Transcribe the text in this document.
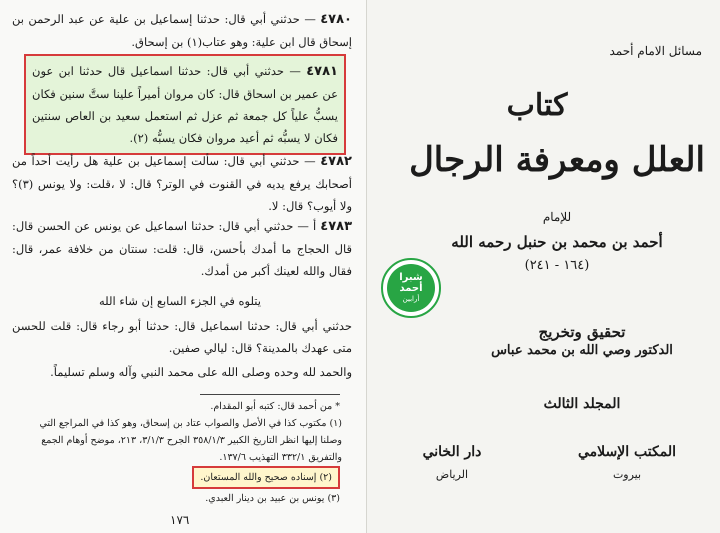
٤٧٨٠ — حدثني أبي قال: حدثنا إسماعيل بن علية عن عبد الرحمن بن إسحاق قال ابن علية: وهو عتاب(١) بن إسحاق.
٤٧٨١ — حدثني أبي قال: حدثنا اسماعيل قال حدثنا ابن عون عن عمير بن اسحاق قال: كان مروان أميراً علينا ستَّ سنين فكان يسبُّ علياً كل جمعة ثم عزل ثم استعمل سعيد بن العاص سنتين فكان لا يسبُّه ثم أعيد مروان فكان يسبُّه (٢).
٤٧٨٢ — حدثني أبي قال: سألت إسماعيل بن علية هل رأيت أحداً من أصحابك يرفع يديه في القنوت في الوتر؟ قال: لا ،قلت: ولا يونس (٣)؟ ولا أيوب؟ قال: لا.
٤٧٨٣ أ — حدثني أبي قال: حدثنا اسماعيل عن يونس عن الحسن قال: قال الحجاج ما أمدك بأحسن، قال: قلت: سنتان من خلافة عمر، قال: فقال والله لعينك أكبر من أمدك.
يتلوه في الجزء السابع إن شاء الله
حدثني أبي قال: حدثنا اسماعيل قال: حدثنا أبو رجاء قال: قلت للحسن متى عهدك بالمدينة؟ قال: ليالي صفين.
والحمد لله وحده وصلى الله على محمد النبي وآله وسلم تسليماً.
* من أحمد قال: كتبه أبو المقدام.
(١) مكتوب كذا في الأصل والصواب عتاد بن إسحاق، وهو كذا في المراجع التي وصلنا إليها انظر التاريخ الكبير ٣٥٨/١/٣ الجرح ٣/١/٣، ٢١٣، موضح أوهام الجمع والتفريق ٣٣٢/١ التهذيب ١٣٧/٦.
(٢) إسناده صحيح والله المستعان.
(٣) يونس بن عبيد بن دينار العبدي.
١٧٦
مسائل الامام أحمد
كتاب
العلل ومعرفة الرجال
للإمام
أحمد بن محمد بن حنبل رحمه الله
(١٦٤ - ٢٤١)
شبرا
أحمد
أرابين
تحقيق وتخريج
الدكتور وصي الله بن محمد عباس
المجلد الثالث
المكتب الإسلامي
بيروت
دار الخاني
الرياض
